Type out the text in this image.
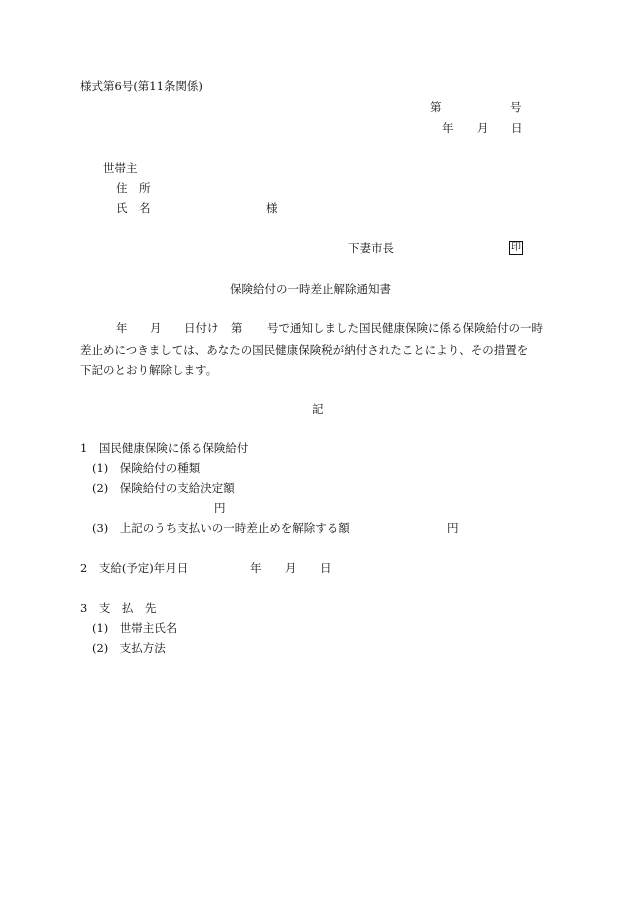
様式第6号(第11条関係)
第	号
年 月 日
世帯主
住　所
氏　名	様
下妻市長	印
保険給付の一時差止解除通知書
年 月 日付け 第 号で通知しました国民健康保険に係る保険給付の一時
差止めにつきましては、あなたの国民健康保険税が納付されたことにより、その措置を
下記のとおり解除します。
記
1　国民健康保険に係る保険給付
(1)　保険給付の種類
(2)　保険給付の支給決定額
円
(3)　上記のうち支払いの一時差止めを解除する額	円
2　支給(予定)年月日	年 月 日
3　支　払　先
(1)　世帯主氏名
(2)　支払方法
